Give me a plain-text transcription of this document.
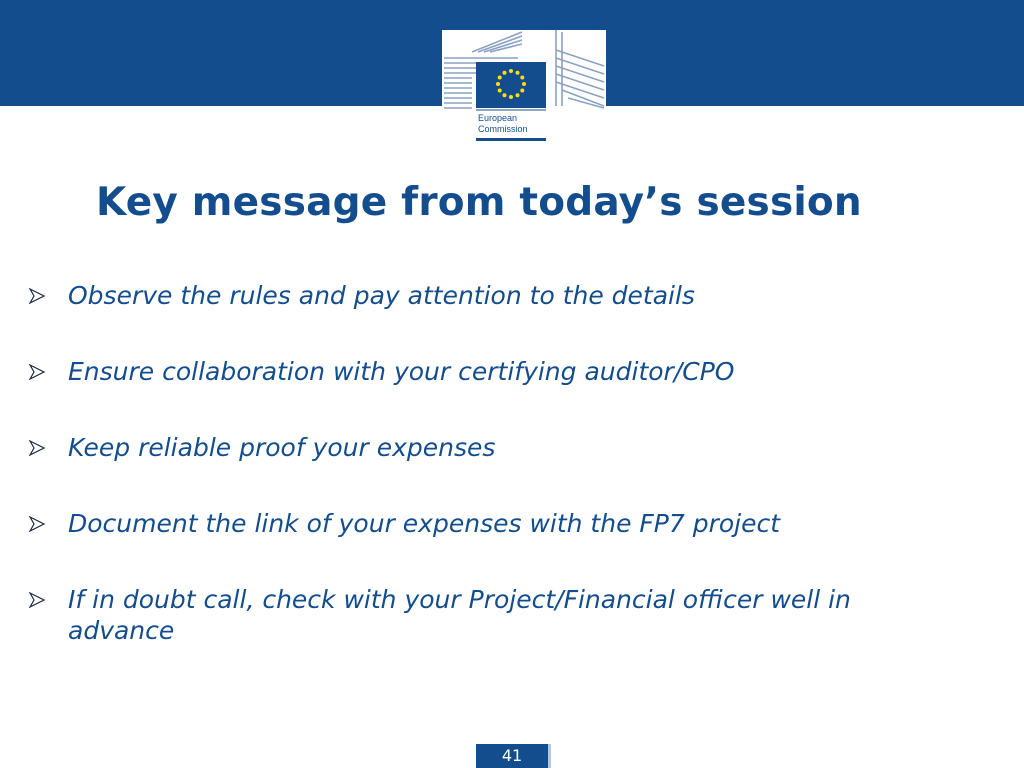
European
Commission
Key message from today’s session
Observe the rules and pay attention to the details
Ensure collaboration with your certifying auditor/CPO
Keep reliable proof your expenses
Document the link of your expenses with the FP7 project
If in doubt call, check with your Project/Financial officer well in advance
41
